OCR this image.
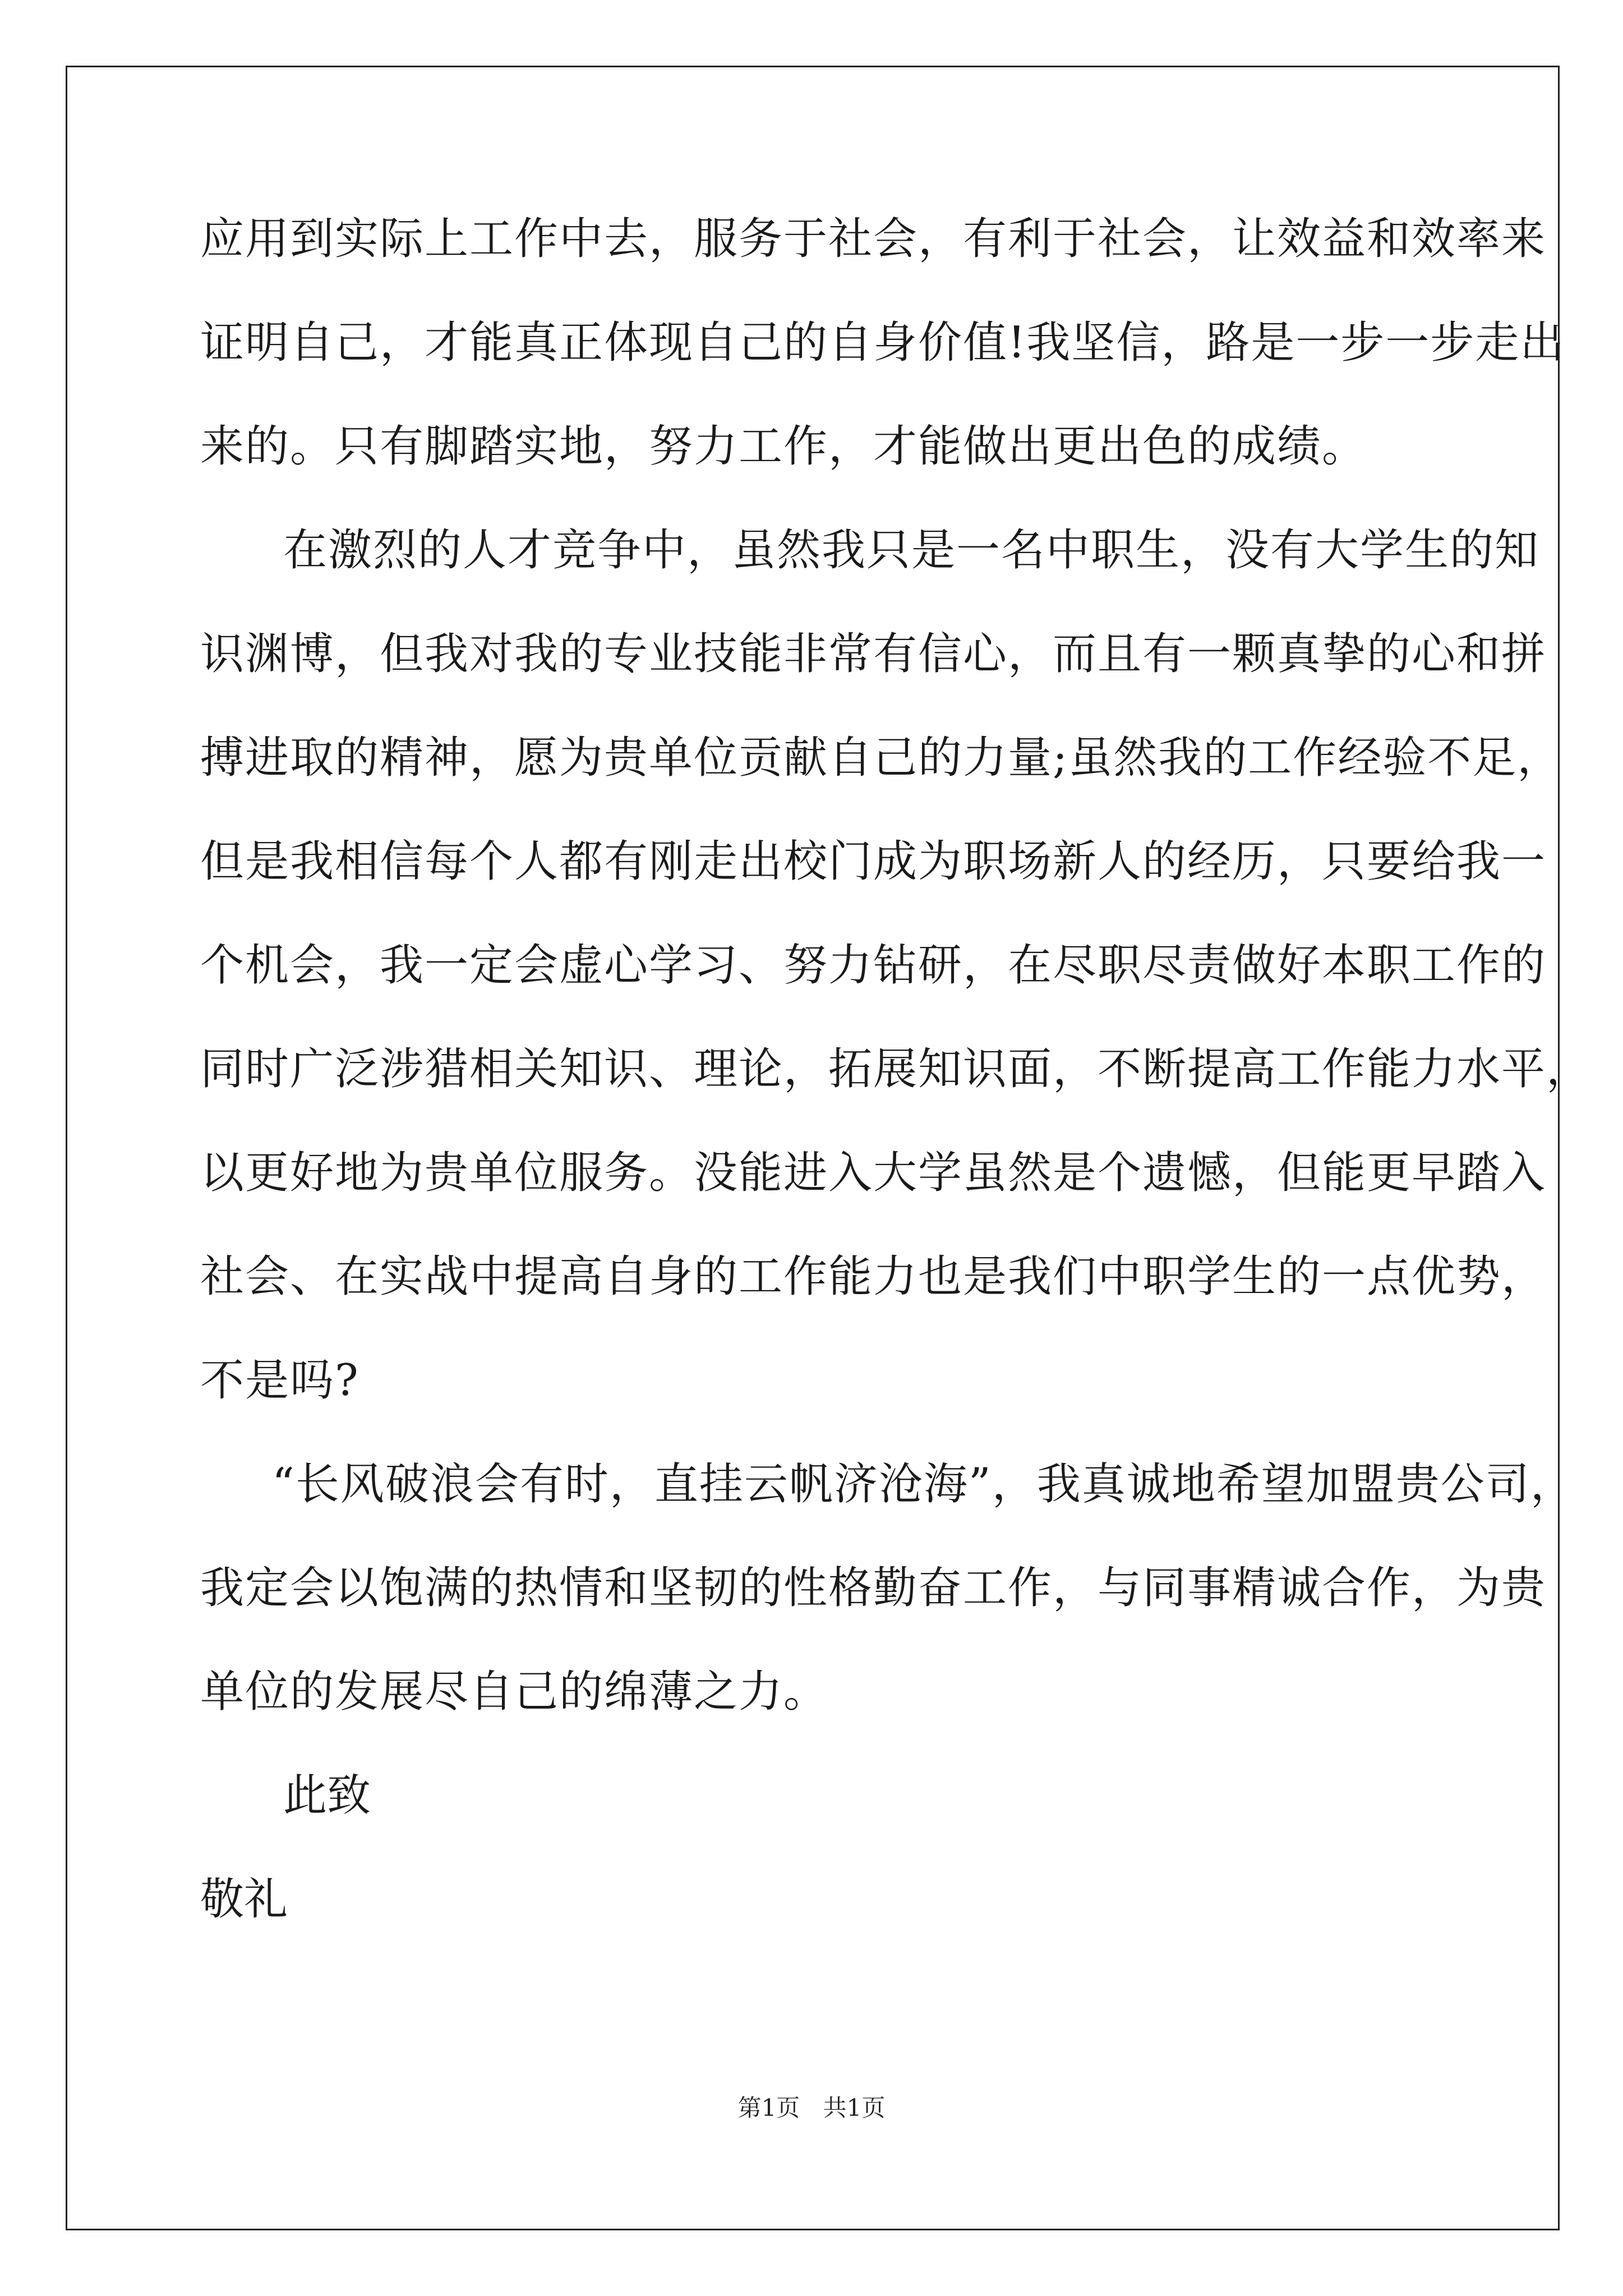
应用到实际上工作中去，服务于社会，有利于社会，让效益和效率来
证明自己，才能真正体现自己的自身价值!我坚信，路是一步一步走出
来的。只有脚踏实地，努力工作，才能做出更出色的成绩。
在激烈的人才竞争中，虽然我只是一名中职生，没有大学生的知
识渊博，但我对我的专业技能非常有信心，而且有一颗真挚的心和拼
搏进取的精神，愿为贵单位贡献自己的力量;虽然我的工作经验不足，
但是我相信每个人都有刚走出校门成为职场新人的经历，只要给我一
个机会，我一定会虚心学习、努力钻研，在尽职尽责做好本职工作的
同时广泛涉猎相关知识、理论，拓展知识面，不断提高工作能力水平，
以更好地为贵单位服务。没能进入大学虽然是个遗憾，但能更早踏入
社会、在实战中提高自身的工作能力也是我们中职学生的一点优势，
不是吗?
“长风破浪会有时，直挂云帆济沧海”，我真诚地希望加盟贵公司，
我定会以饱满的热情和坚韧的性格勤奋工作，与同事精诚合作，为贵
单位的发展尽自己的绵薄之力。
此致
敬礼
第1页 共1页
